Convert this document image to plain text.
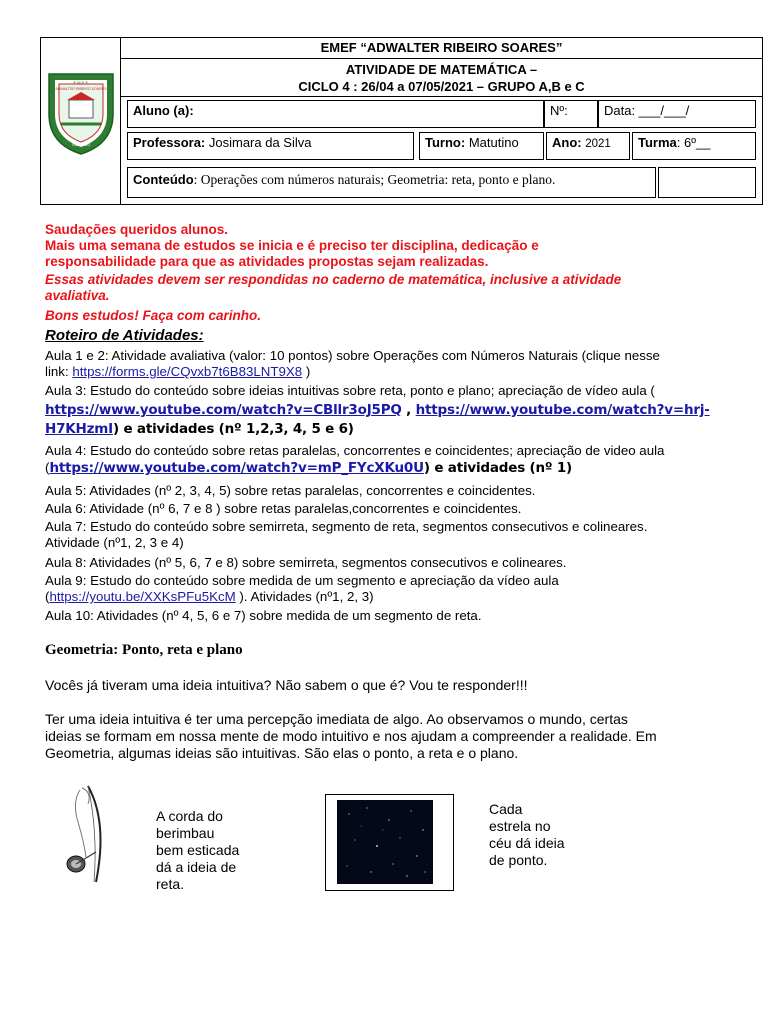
E.M.E.F.
ADWALTER RIBEIRO SOARES
MUCAJAÍ
EMEF “ADWALTER RIBEIRO SOARES”
ATIVIDADE DE MATEMÁTICA –
CICLO 4 : 26/04 a 07/05/2021 – GRUPO A,B e C
Aluno (a):	Nº:	Data: ___/___/
Professora: Josimara da Silva	Turno: Matutino	Ano: 2021	Turma: 6º__
Conteúdo: Operações com números naturais; Geometria: reta, ponto e plano.
Saudações queridos alunos.
Mais uma semana de estudos se inicia e é preciso ter disciplina, dedicação e
responsabilidade para que as atividades propostas sejam realizadas.
Essas atividades devem ser respondidas no caderno de matemática, inclusive a atividade
avaliativa.
Bons estudos! Faça com carinho.
Roteiro de Atividades:
Aula 1 e 2: Atividade avaliativa (valor: 10 pontos) sobre Operações com Números Naturais (clique nesse
link: https://forms.gle/CQvxb7t6B83LNT9X8 )
Aula 3: Estudo do conteúdo sobre ideias intuitivas sobre reta, ponto e plano; apreciação de vídeo aula (
https://www.youtube.com/watch?v=CBllr3oJ5PQ , https://www.youtube.com/watch?v=hrj-
H7KHzmI) e atividades (nº 1,2,3, 4, 5 e 6)
Aula 4: Estudo do conteúdo sobre retas paralelas, concorrentes e coincidentes; apreciação de video aula
(https://www.youtube.com/watch?v=mP_FYcXKu0U) e atividades (nº 1)
Aula 5: Atividades (nº 2, 3, 4, 5) sobre retas paralelas, concorrentes e coincidentes.
Aula 6: Atividade (nº 6, 7 e 8 ) sobre retas paralelas,concorrentes e coincidentes.
Aula 7: Estudo do conteúdo sobre semirreta, segmento de reta, segmentos consecutivos e colineares.
Atividade (nº1, 2, 3 e 4)
Aula 8: Atividades (nº 5, 6, 7 e 8) sobre semirreta, segmentos consecutivos e colineares.
Aula 9: Estudo do conteúdo sobre medida de um segmento e apreciação da vídeo aula
(https://youtu.be/XXKsPFu5KcM ). Atividades (nº1, 2, 3)
Aula 10: Atividades (nº 4, 5, 6 e 7) sobre medida de um segmento de reta.
Geometria: Ponto, reta e plano
Vocês já tiveram uma ideia intuitiva? Não sabem o que é? Vou te responder!!!
Ter uma ideia intuitiva é ter uma percepção imediata de algo. Ao observamos o mundo, certas
ideias se formam em nossa mente de modo intuitivo e nos ajudam a compreender a realidade. Em
Geometria, algumas ideias são intuitivas. São elas o ponto, a reta e o plano.
A corda do
berimbau
bem esticada
dá a ideia de
reta.
Cada
estrela no
céu dá ideia
de ponto.
